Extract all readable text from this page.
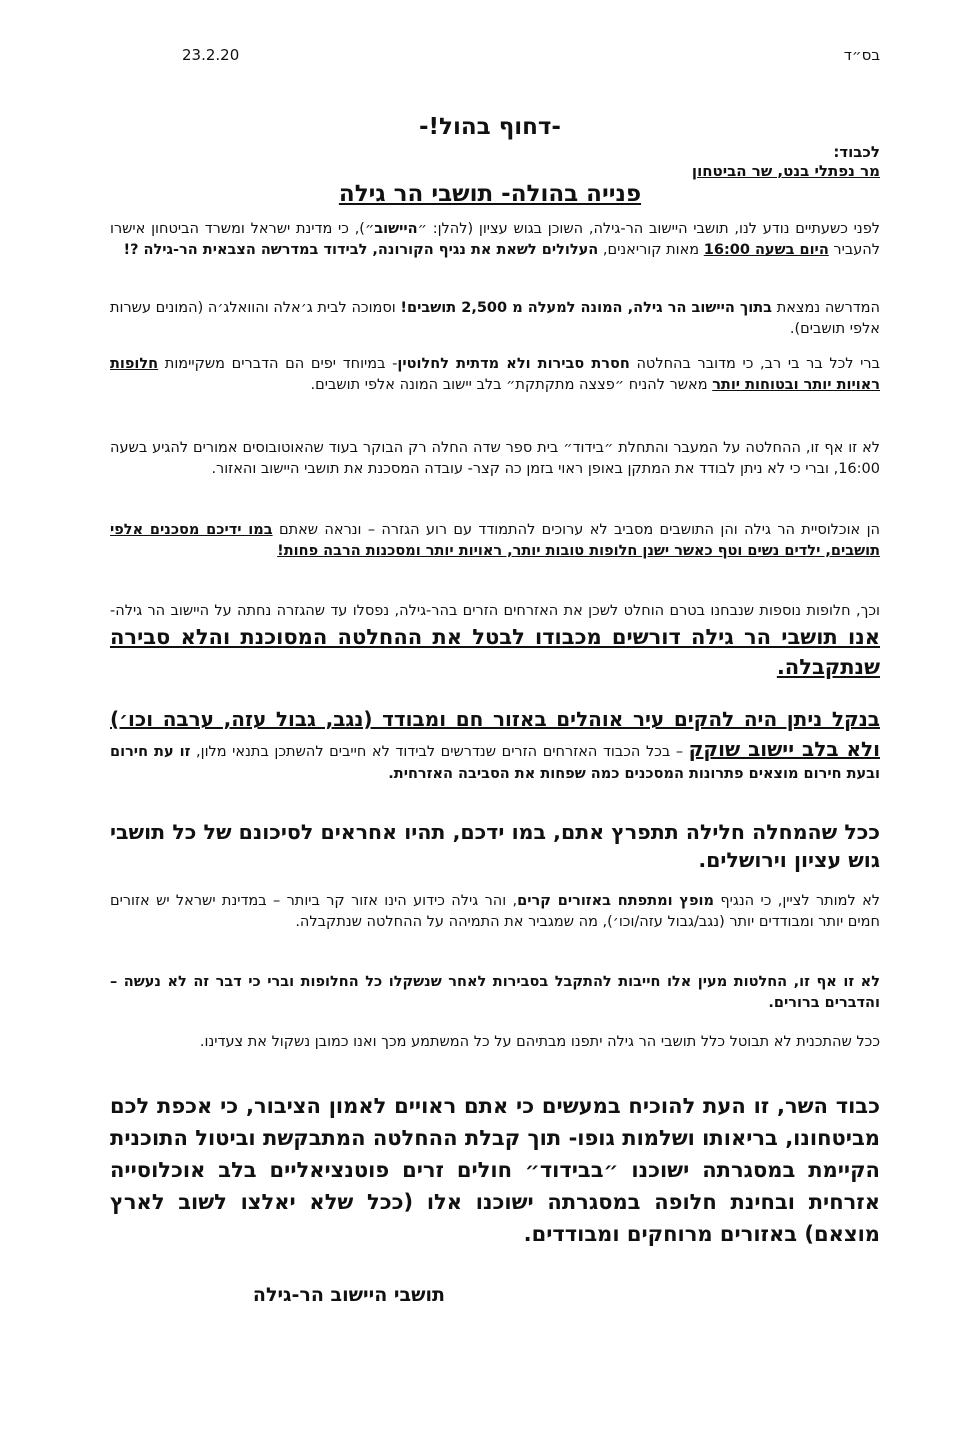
23.2.20	בס״ד
-דחוף בהול!-
לכבוד:
מר נפתלי בנט, שר הביטחון
פנייה בהולה- תושבי הר גילה
לפני כשעתיים נודע לנו, תושבי היישוב הר-גילה, השוכן בגוש עציון (להלן: ״היישוב״), כי מדינת ישראל ומשרד הביטחון אישרו להעביר היום בשעה 16:00 מאות קוריאנים, העלולים לשאת את נגיף הקורונה, לבידוד במדרשה הצבאית הר-גילה ?!
המדרשה נמצאת בתוך היישוב הר גילה, המונה למעלה מ 2,500 תושבים! וסמוכה לבית ג׳אלה והוואלג׳ה (המונים עשרות אלפי תושבים).
ברי לכל בר בי רב, כי מדובר בהחלטה חסרת סבירות ולא מדתית לחלוטין- במיוחד יפים הם הדברים משקיימות חלופות ראויות יותר ובטוחות יותר מאשר להניח ״פצצה מתקתקת״ בלב יישוב המונה אלפי תושבים.
לא זו אף זו, ההחלטה על המעבר והתחלת ״בידוד״ בית ספר שדה החלה רק הבוקר בעוד שהאוטובוסים אמורים להגיע בשעה 16:00, וברי כי לא ניתן לבודד את המתקן באופן ראוי בזמן כה קצר- עובדה המסכנת את תושבי היישוב והאזור.
הן אוכלוסיית הר גילה והן התושבים מסביב לא ערוכים להתמודד עם רוע הגזרה – ונראה שאתם במו ידיכם מסכנים אלפי תושבים, ילדים נשים וטף כאשר ישנן חלופות טובות יותר, ראויות יותר ומסכנות הרבה פחות!
וכך, חלופות נוספות שנבחנו בטרם הוחלט לשכן את האזרחים הזרים בהר-גילה, נפסלו עד שהגזרה נחתה על היישוב הר גילה- אנו תושבי הר גילה דורשים מכבודו לבטל את ההחלטה המסוכנת והלא סבירה שנתקבלה.
בנקל ניתן היה להקים עיר אוהלים באזור חם ומבודד (נגב, גבול עזה, ערבה וכו׳) ולא בלב יישוב שוקק – בכל הכבוד האזרחים הזרים שנדרשים לבידוד לא חייבים להשתכן בתנאי מלון, זו עת חירום ובעת חירום מוצאים פתרונות המסכנים כמה שפחות את הסביבה האזרחית.
ככל שהמחלה חלילה תתפרץ אתם, במו ידכם, תהיו אחראים לסיכונם של כל תושבי גוש עציון וירושלים.
לא למותר לציין, כי הנגיף מופץ ומתפתח באזורים קרים, והר גילה כידוע הינו אזור קר ביותר – במדינת ישראל יש אזורים חמים יותר ומבודדים יותר (נגב/גבול עזה/וכו׳), מה שמגביר את התמיהה על ההחלטה שנתקבלה.
לא זו אף זו, החלטות מעין אלו חייבות להתקבל בסבירות לאחר שנשקלו כל החלופות וברי כי דבר זה לא נעשה – והדברים ברורים.
ככל שהתכנית לא תבוטל כלל תושבי הר גילה יתפנו מבתיהם על כל המשתמע מכך ואנו כמובן נשקול את צעדינו.
כבוד השר, זו העת להוכיח במעשים כי אתם ראויים לאמון הציבור, כי אכפת לכם מביטחונו, בריאותו ושלמות גופו- תוך קבלת ההחלטה המתבקשת וביטול התוכנית הקיימת במסגרתה ישוכנו ״בבידוד״ חולים זרים פוטנציאליים בלב אוכלוסייה אזרחית ובחינת חלופה במסגרתה ישוכנו אלו (ככל שלא יאלצו לשוב לארץ מוצאם) באזורים מרוחקים ומבודדים.
תושבי היישוב הר-גילה
